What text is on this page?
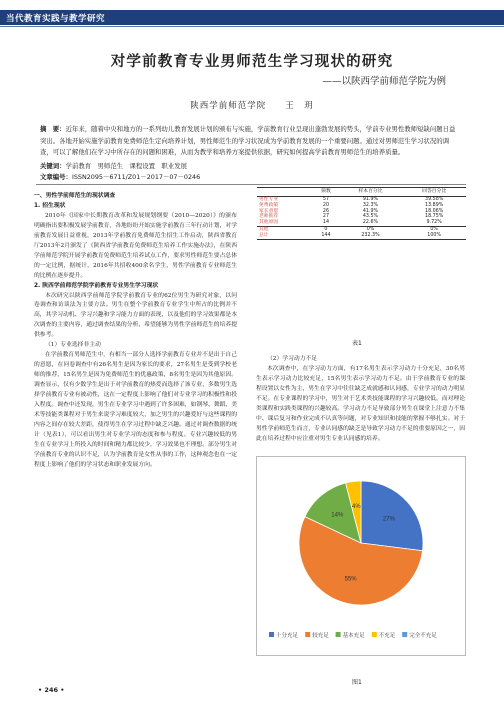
当代教育实践与教学研究
对学前教育专业男师范生学习现状的研究
——以陕西学前师范学院为例
陕西学前师范学院　　王　玥
摘　要：近年来，随着中央和地方的一系列幼儿教育发展计划的颁布与实施，学前教育行业呈现出蓬勃发展的势头，学前专业男性教师短缺问题日益突出。各地开始实施学前教育免费师范生定向培养计划，男性师范生的学习状况成为学前教育发展的一个重要问题。通过对男师范生学习状况的调查，可以了解他们在学习中所存在的问题和困难，从而为教学和培养方案提供依据，研究如何提高学前教育男师范生的培养质量。
关键词：学前教育　男师范生　课程设置　职业发展
文章编号：ISSN2095－6711/Z01－2017－07－0246

一、男性学前师范生的现状调查

1. 招生现状

2010年《国家中长期教育改革和发展规划纲要（2010—2020）》的颁布明确指出要积极发展学前教育，各地纷纷开始实施学前教育三年行动计划，对学前教育发展日益重视，2013年学前教育免费师范生招生工作启动，陕西省教育厅2013年2月颁发了《陕西省学前教育免费师范生培养工作实施办法》，在陕西学前师范学院开展学前教育免费师范生培养试点工作，要求男性师范生要占总体的一定比例，据统计，2016年共招收400余名学生，男性学前教育专业师范生的比例在逐步提升。

2. 陕西学前师范学院学前教育专业男生学习现状

本次研究以陕西学前师范学院学前教育专业的62位男生为研究对象，以问卷调查和访谈法为主要方法。男生在整个学前教育专业学生中所占的比例并不高，其学习动机、学习兴趣和学习能力方面的表现，以及他们的学习效果都是本次调查的主要内容，通过调查结果的分析，希望能够为男性学前师范生的培养提供参考。

（1）专业选择非主动

在学前教育男师范生中，有相当一部分人选择学前教育专业并不是出于自己的意愿，在问卷调查中有26名男生是因为家长的要求，27名男生是受到学校老师的推荐，15名男生是因为免费师范生的优惠政策，8名男生是因为其他原因。调查显示，仅有少数学生是出于对学前教育的热爱而选择了该专业，多数男生选择学前教育专业有被动性，这在一定程度上影响了他们对专业学习的积极性和投入程度。调查中还发现，男生在专业学习中遇到了许多困难，如钢琴、舞蹈、美术等技能类课程对于男生来说学习难度较大，加之男生的兴趣爱好与这些课程的内容之间存在较大差距，使得男生在学习过程中缺乏兴趣。通过对调查数据的统计（见表1），可以看出男生对专业学习的态度和参与程度。专业兴趣较低的男生在专业学习上所投入的时间和精力都比较少，学习效果也不理想。部分男生对学前教育专业的认识不足，认为学前教育是女性从事的工作，这种观念也在一定程度上影响了他们的学习状态和职业发展方向。

	频数	样本百分比	回答百分比
男性专业	57	91.9%	39.58%
免费政策	20	32.3%	13.89%
家长意愿	26	41.9%	18.06%
老师推荐	27	43.5%	18.75%
其他原因	14	22.6%	9.72%
其他	0	0%	0%
总计	144	232.3%	100%
表1

（2）学习动力不足

本次调查中，在学习动力方面，有17名男生表示学习动力十分充足，30名男生表示学习动力比较充足，15名男生表示学习动力不足。由于学前教育专业的课程设置以女性为主，男生在学习中往往缺乏成就感和认同感，专业学习的动力明显不足。在专业课程的学习中，男生对于艺术类技能课程的学习兴趣较低，而对理论类课程和实践类课程的兴趣较高。学习动力不足导致部分男生在课堂上注意力不集中、课后复习和作业完成不认真等问题，对专业知识和技能的掌握不够扎实。对于男性学前师范生而言，专业认同感的缺乏是导致学习动力不足的重要原因之一，因此在培养过程中应注重对男生专业认同感的培养。

27%
55%
14%
4%
十分充足	较充足	基本充足	不充足	完全不充足
图1
• 246 •
